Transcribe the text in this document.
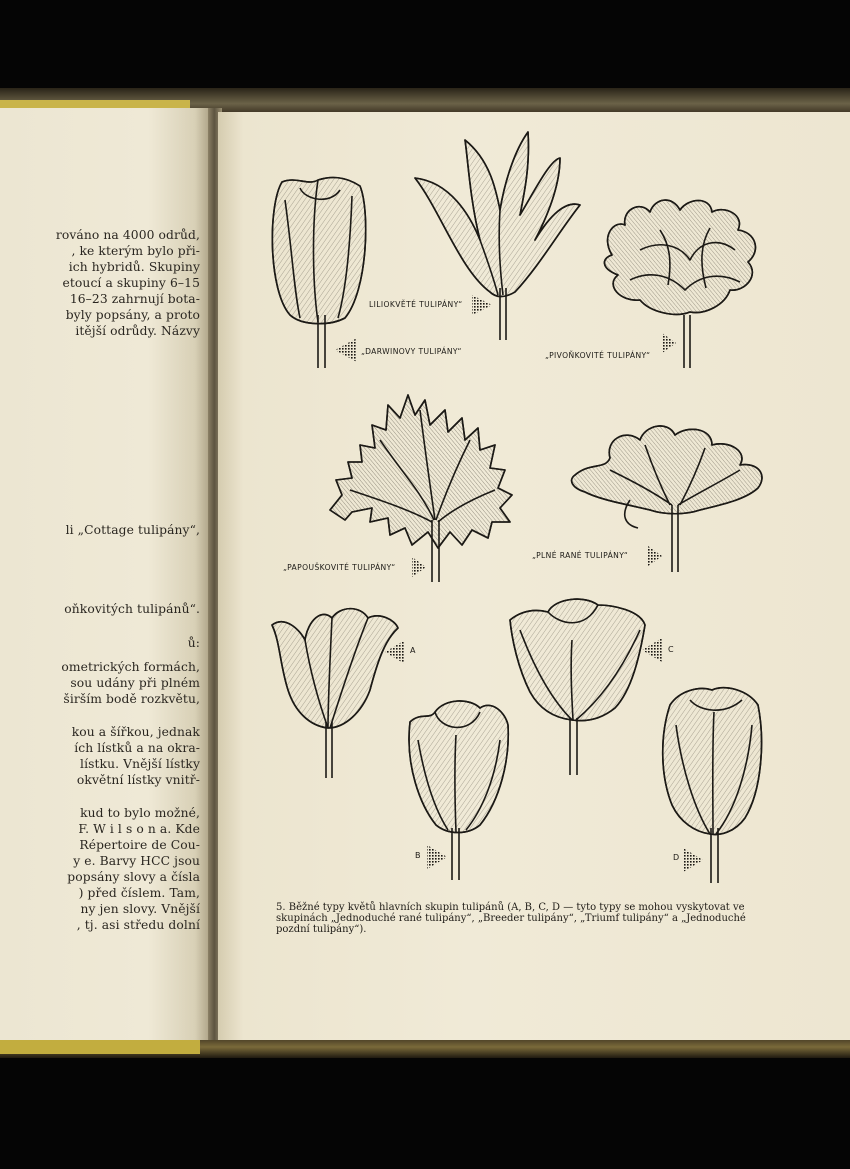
rováno na 4000 odrůd,
, ke kterým bylo při-
ich hybridů. Skupiny
etoucí a skupiny 6–15
16–23 zahrnují bota-
byly popsány, a proto
itější odrůdy. Názvy
li „Cottage tulipány“,
oňkovitých tulipánů“.
ů:
ometrických formách,
sou udány při plném
širším bodě rozkvětu,
kou a šířkou, jednak
ích lístků a na okra-
lístku. Vnější lístky
okvětní lístky vnitř-
kud to bylo možné,
F. W i l s o n a. Kde
Répertoire de Cou-
y e. Barvy HCC jsou
popsány slovy a čísla
) před číslem. Tam,
ny jen slovy. Vnější
, tj. asi středu dolní
LILIOKVĚTÉ TULIPÁNY“
„DARWINOVY TULIPÁNY“	„PIVOŇKOVITÉ TULIPÁNY“
„PAPOUŠKOVITÉ TULIPÁNY“
„PLNÉ RANÉ TULIPÁNY“
A	C
B	D
5. Běžné typy květů hlavních skupin tulipánů (A, B, C, D — tyto typy se mohou vyskytovat ve skupinách „Jednoduché rané tulipány“, „Breeder tulipány“, „Triumf tulipány“ a „Jednoduché pozdní tulipány“).
